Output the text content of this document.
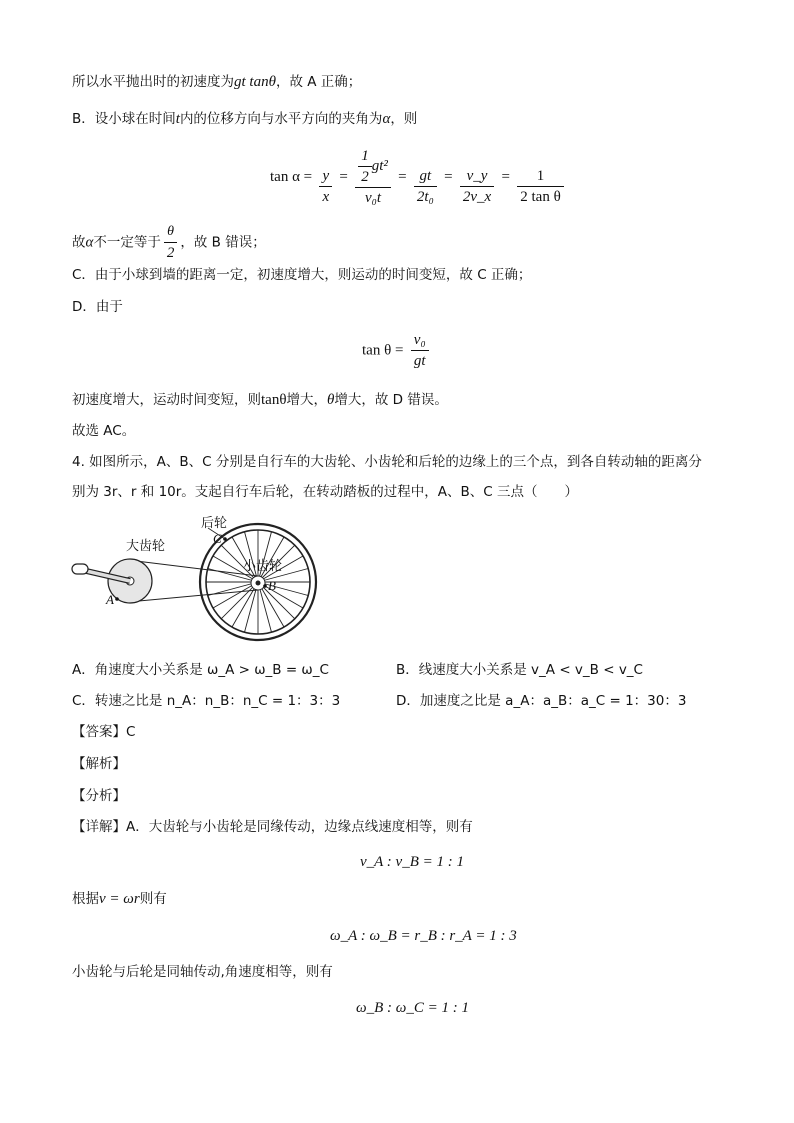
所以水平抛出时的初速度为gt tanθ，故 A 正确；
B．设小球在时间t内的位移方向与水平方向的夹角为α，则
$\tan \alpha = \frac{y}{x} = \frac{\frac{1}{2} gt^2}{\text{v₀t}} = \frac{gt}{\text{2t₀}} = \frac{v\_y}{2v\_x} = \frac{1}{\text{2 tan θ}}$
故α不一定等于 $\frac{\theta}{2}$ ，故 B 错误；
C．由于小球到墙的距离一定，初速度增大，则运动的时间变短，故 C 正确；
D．由于
$\tan \theta = \frac{\text{v₀}}{gt}$
初速度增大，运动时间变短，则tanθ增大，θ增大，故 D 错误。
故选 AC。
4. 如图所示，A、B、C 分别是自行车的大齿轮、小齿轮和后轮的边缘上的三个点，到各自转动轴的距离分
别为 3r、r 和 10r。支起自行车后轮，在转动踏板的过程中，A、B、C 三点（　　）
大齿轮
小齿轮
后轮
A
B
C
A．角速度大小关系是 ω_A > ω_B = ω_C	B．线速度大小关系是 v_A < v_B < v_C
C．转速之比是 n_A：n_B：n_C = 1：3：3	D．加速度之比是 a_A：a_B：a_C = 1：30：3
【答案】C
【解析】
【分析】
【详解】A．大齿轮与小齿轮是同缘传动，边缘点线速度相等，则有
v_A : v_B = 1 : 1
根据v = ωr则有
ω_A : ω_B = r_B : r_A = 1 : 3
小齿轮与后轮是同轴传动,角速度相等，则有
ω_B : ω_C = 1 : 1
